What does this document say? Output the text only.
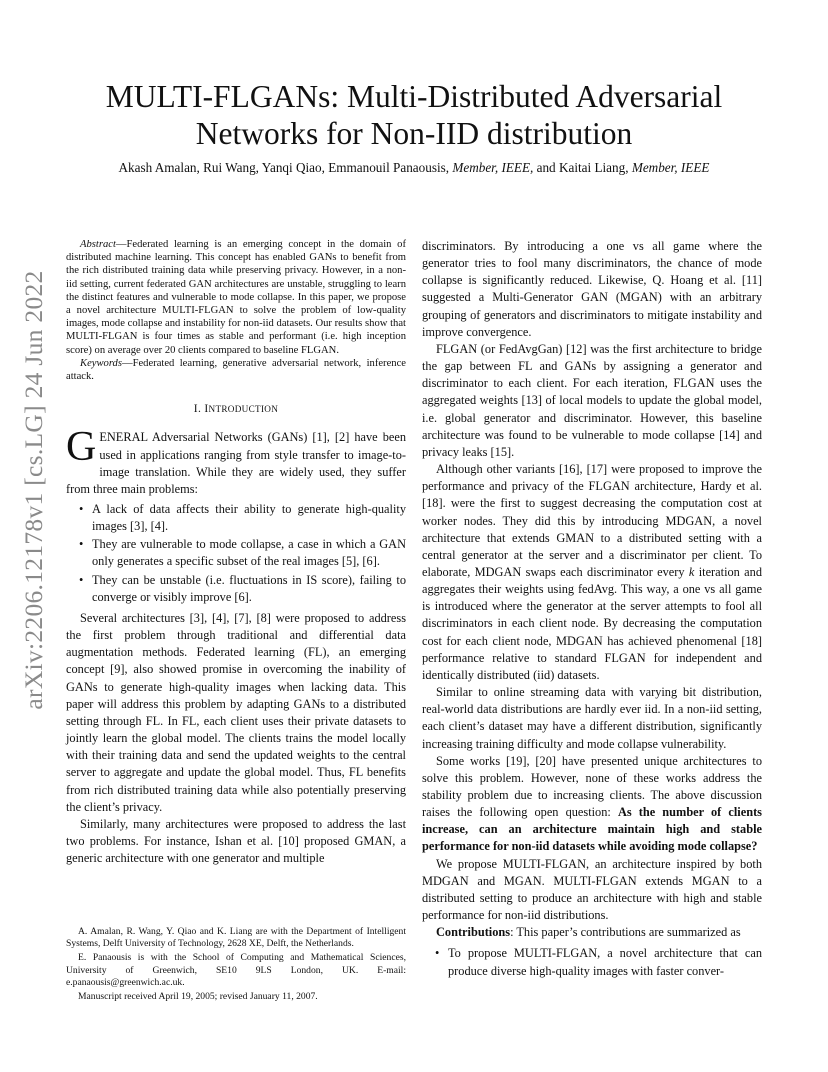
arXiv:2206.12178v1 [cs.LG] 24 Jun 2022
MULTI-FLGANs: Multi-Distributed Adversarial
Networks for Non-IID distribution
Akash Amalan, Rui Wang, Yanqi Qiao, Emmanouil Panaousis, Member, IEEE, and Kaitai Liang, Member, IEEE

Abstract—Federated learning is an emerging concept in the domain of distributed machine learning. This concept has enabled GANs to benefit from the rich distributed training data while preserving privacy. However, in a non-iid setting, current federated GAN architectures are unstable, struggling to learn the distinct features and vulnerable to mode collapse. In this paper, we propose a novel architecture MULTI-FLGAN to solve the problem of low-quality images, mode collapse and instability for non-iid datasets. Our results show that MULTI-FLGAN is four times as stable and performant (i.e. high inception score) on average over 20 clients compared to baseline FLGAN.

Keywords—Federated learning, generative adversarial network, inference attack.

I. INTRODUCTION

GENERAL Adversarial Networks (GANs) [1], [2] have been used in applications ranging from style transfer to image-to-image translation. While they are widely used, they suffer from three main problems:

• A lack of data affects their ability to generate high-quality images [3], [4].
• They are vulnerable to mode collapse, a case in which a GAN only generates a specific subset of the real images [5], [6].
• They can be unstable (i.e. fluctuations in IS score), failing to converge or visibly improve [6].

Several architectures [3], [4], [7], [8] were proposed to address the first problem through traditional and differential data augmentation methods. Federated learning (FL), an emerging concept [9], also showed promise in overcoming the inability of GANs to generate high-quality images when lacking data. This paper will address this problem by adapting GANs to a distributed setting through FL. In FL, each client uses their private datasets to jointly learn the global model. The clients trains the model locally with their training data and send the updated weights to the central server to aggregate and update the global model. Thus, FL benefits from rich distributed training data while also potentially preserving the client’s privacy.

Similarly, many architectures were proposed to address the last two problems. For instance, Ishan et al. [10] proposed GMAN, a generic architecture with one generator and multiple

A. Amalan, R. Wang, Y. Qiao and K. Liang are with the Department of Intelligent Systems, Delft University of Technology, 2628 XE, Delft, the Netherlands.

E. Panaousis is with the School of Computing and Mathematical Sciences, University of Greenwich, SE10 9LS London, UK. E-mail: e.panaousis@greenwich.ac.uk.

Manuscript received April 19, 2005; revised January 11, 2007.

discriminators. By introducing a one vs all game where the generator tries to fool many discriminators, the chance of mode collapse is significantly reduced. Likewise, Q. Hoang et al. [11] suggested a Multi-Generator GAN (MGAN) with an arbitrary grouping of generators and discriminators to mitigate instability and improve convergence.

FLGAN (or FedAvgGan) [12] was the first architecture to bridge the gap between FL and GANs by assigning a generator and discriminator to each client. For each iteration, FLGAN uses the aggregated weights [13] of local models to update the global model, i.e. global generator and discriminator. However, this baseline architecture was found to be vulnerable to mode collapse [14] and privacy leaks [15].

Although other variants [16], [17] were proposed to improve the performance and privacy of the FLGAN architecture, Hardy et al. [18]. were the first to suggest decreasing the computation cost at worker nodes. They did this by introducing MDGAN, a novel architecture that extends GMAN to a distributed setting with a central generator at the server and a discriminator per client. To elaborate, MDGAN swaps each discriminator every k iteration and aggregates their weights using fedAvg. This way, a one vs all game is introduced where the generator at the server attempts to fool all discriminators in each client node. By decreasing the computation cost for each client node, MDGAN has achieved phenomenal [18] performance relative to standard FLGAN for independent and identically distributed (iid) datasets.

Similar to online streaming data with varying bit distribution, real-world data distributions are hardly ever iid. In a non-iid setting, each client’s dataset may have a different distribution, significantly increasing training difficulty and mode collapse vulnerability.

Some works [19], [20] have presented unique architectures to solve this problem. However, none of these works address the stability problem due to increasing clients. The above discussion raises the following open question: As the number of clients increase, can an architecture maintain high and stable performance for non-iid datasets while avoiding mode collapse?

We propose MULTI-FLGAN, an architecture inspired by both MDGAN and MGAN. MULTI-FLGAN extends MGAN to a distributed setting to produce an architecture with high and stable performance for non-iid distributions.

Contributions: This paper’s contributions are summarized as

• To propose MULTI-FLGAN, a novel architecture that can produce diverse high-quality images with faster conver-
